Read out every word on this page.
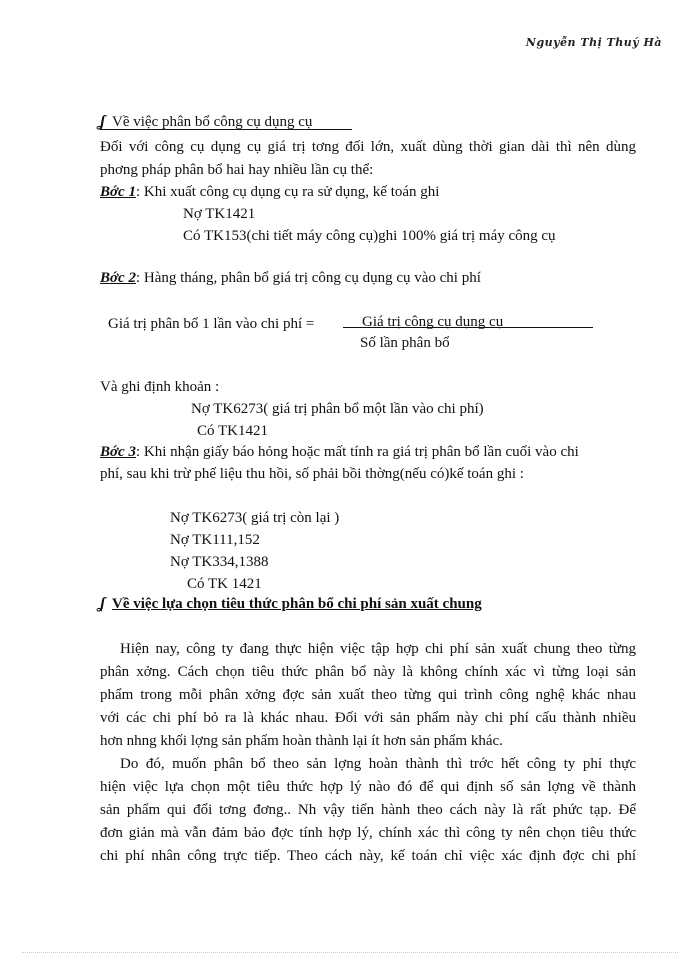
Nguyễn Thị Thuý Hà
ʆ Về việc phân bổ công cụ dụng cụ
Đối với công cụ dụng cụ giá trị tơng đối lớn, xuất dùng thời gian dài thì nên dùng
phơng pháp phân bổ hai hay nhiều lần cụ thể:
Bớc 1: Khi xuất công cụ dụng cụ ra sử dụng, kế toán ghi
Nợ TK1421
Có TK153(chi tiết máy công cụ)ghi 100% giá trị máy công cụ
Bớc 2: Hàng tháng, phân bổ giá trị công cụ dụng cụ vào chi phí
Giá trị phân bổ 1 lần vào chi phí =	Giá trị công cụ dụng cụ
Số lần phân bổ
Và ghi định khoản :
Nợ TK6273( giá trị phân bổ một lần vào chi phí)
Có TK1421
Bớc 3: Khi nhận giấy báo hỏng hoặc mất tính ra giá trị phân bổ lần cuối vào chi
phí, sau khi trừ phế liệu thu hồi, số phải bồi thờng(nếu có)kế toán ghi :
Nợ TK6273( giá trị còn lại )
Nợ TK111,152
Nợ TK334,1388
Có TK 1421
ʆ Về việc lựa chọn tiêu thức phân bổ chi phí sản xuất chung
Hiện nay, công ty đang thực hiện việc tập hợp chi phí sản xuất chung theo từng
phân xởng. Cách chọn tiêu thức phân bổ này là không chính xác vì từng loại sản
phẩm trong mỗi phân xởng đợc sản xuất theo từng qui trình công nghệ khác nhau
với các chi phí bỏ ra là khác nhau. Đối với sản phẩm này chi phí cấu thành nhiều
hơn nhng khối lợng sản phẩm hoàn thành lại ít hơn sản phẩm khác.
Do đó, muốn phân bổ theo sản lợng hoàn thành thì trớc hết công ty phỉ thực
hiện việc lựa chọn một tiêu thức hợp lý nào đó để qui định số sản lợng về thành
sản phẩm qui đổi tơng đơng.. Nh vậy tiến hành theo cách này là rất phức tạp. Để
đơn giản mà vẫn đảm bảo đợc tính hợp lý, chính xác thì công ty nên chọn tiêu thức
chi phí nhân công trực tiếp. Theo cách này, kế toán chỉ việc xác định đợc chi phí
